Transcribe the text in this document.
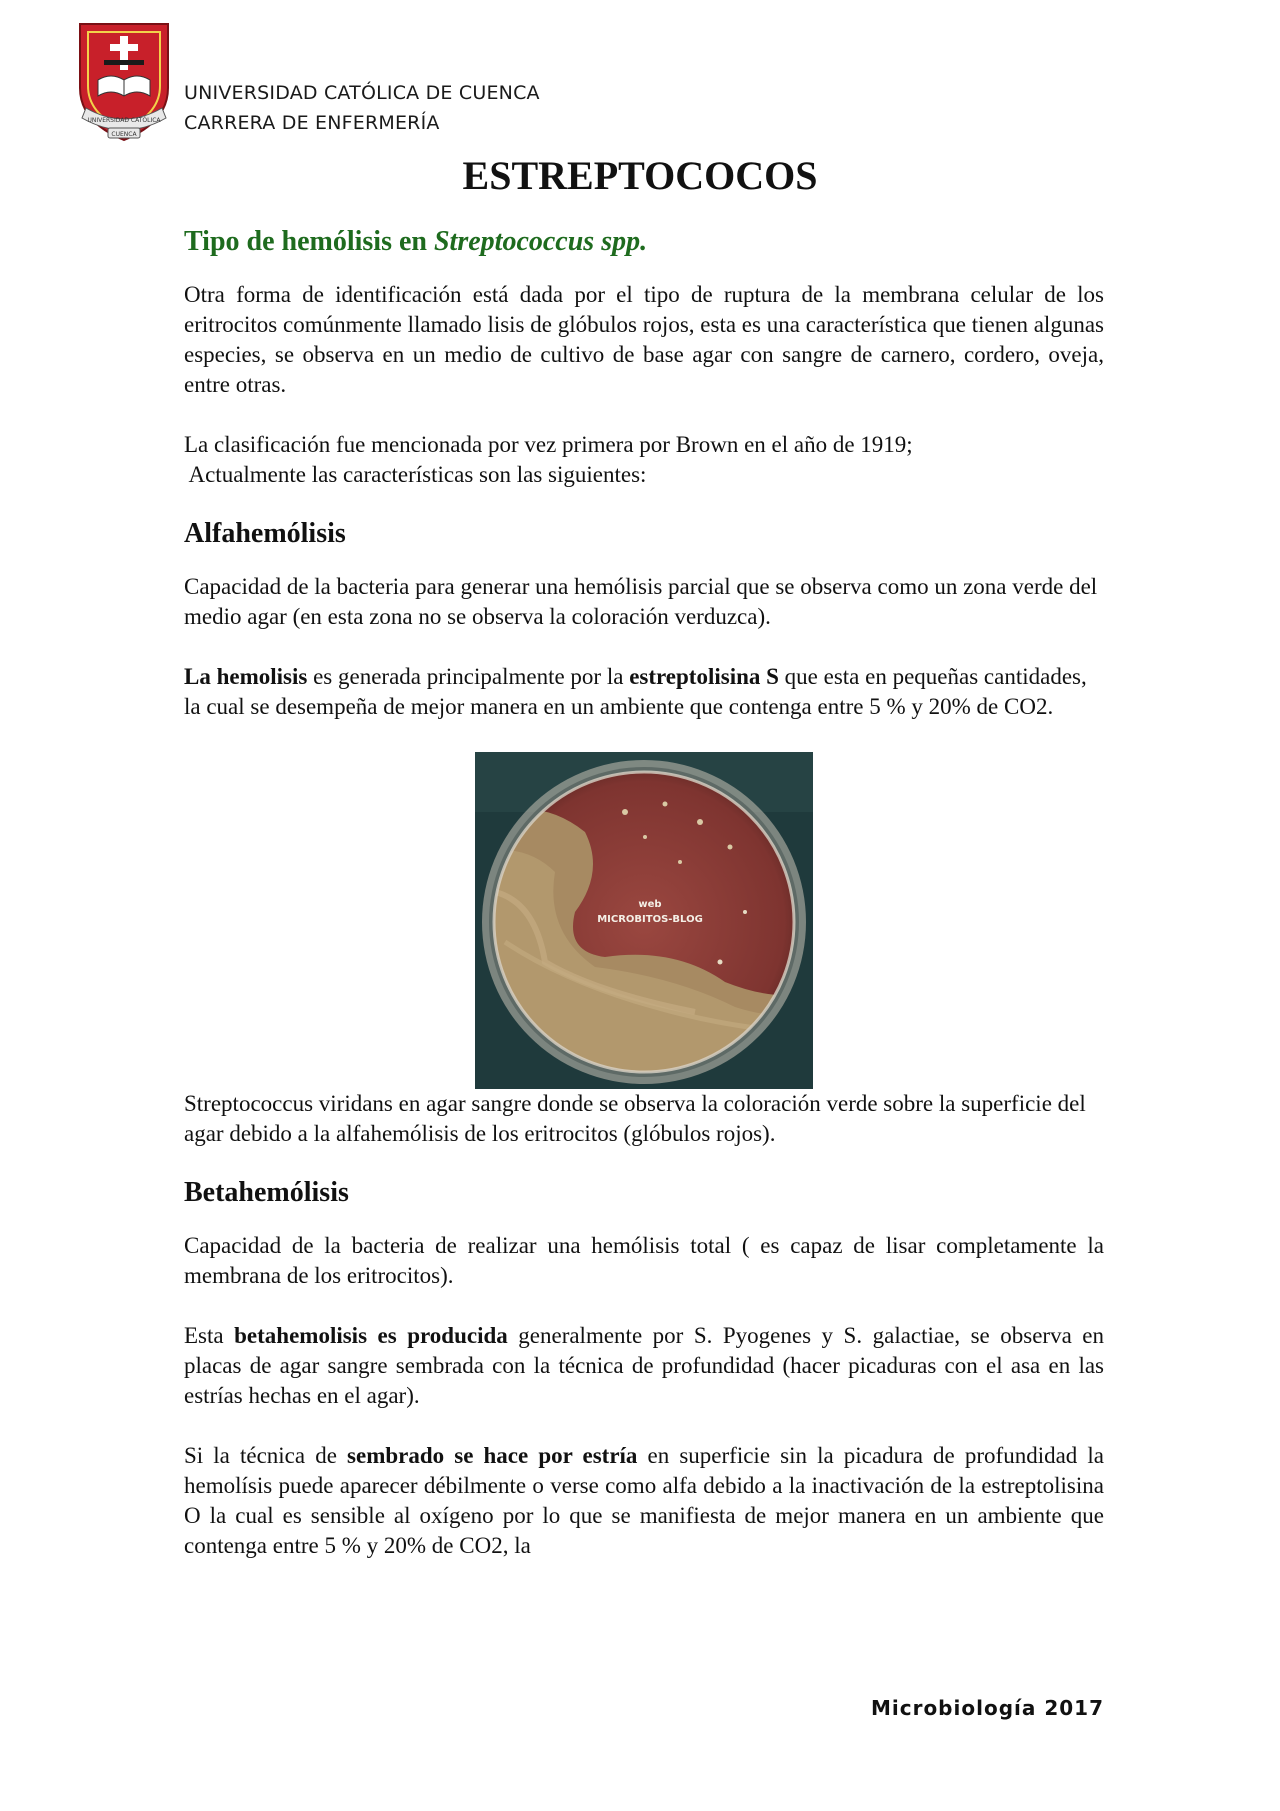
UNIVERSIDAD CATÓLICA
CUENCA
UNIVERSIDAD CATÓLICA DE CUENCA
CARRERA DE ENFERMERÍA
ESTREPTOCOCOS
Tipo de hemólisis en Streptococcus spp.

Otra forma de identificación está dada por el tipo de ruptura de la membrana celular de los eritrocitos comúnmente llamado lisis de glóbulos rojos, esta es una característica que tienen algunas especies, se observa en un medio de cultivo de base agar con sangre de carnero, cordero, oveja, entre otras.

La clasificación fue mencionada por vez primera por Brown en el año de 1919;
Actualmente las características son las siguientes:

Alfahemólisis

Capacidad de la bacteria para generar una hemólisis parcial que se observa como un zona verde del medio agar (en esta zona no se observa la coloración verduzca).

La hemolisis es generada principalmente por la estreptolisina S que esta en pequeñas cantidades, la cual se desempeña de mejor manera en un ambiente que contenga entre 5 % y 20% de CO2.

web
MICROBITOS-BLOG

Streptococcus viridans en agar sangre donde se observa la coloración verde sobre la superficie del agar debido a la alfahemólisis de los eritrocitos (glóbulos rojos).

Betahemólisis

Capacidad de la bacteria de realizar una hemólisis total ( es capaz de lisar completamente la membrana de los eritrocitos).

Esta betahemolisis es producida generalmente por S. Pyogenes y S. galactiae, se observa en placas de agar sangre sembrada con la técnica de profundidad (hacer picaduras con el asa en las estrías hechas en el agar).

Si la técnica de sembrado se hace por estría en superficie sin la picadura de profundidad la hemolísis puede aparecer débilmente o verse como alfa debido a la inactivación de la estreptolisina O la cual es sensible al oxígeno por lo que se manifiesta de mejor manera en un ambiente que contenga entre 5 % y 20% de CO2, la

Microbiología 2017
